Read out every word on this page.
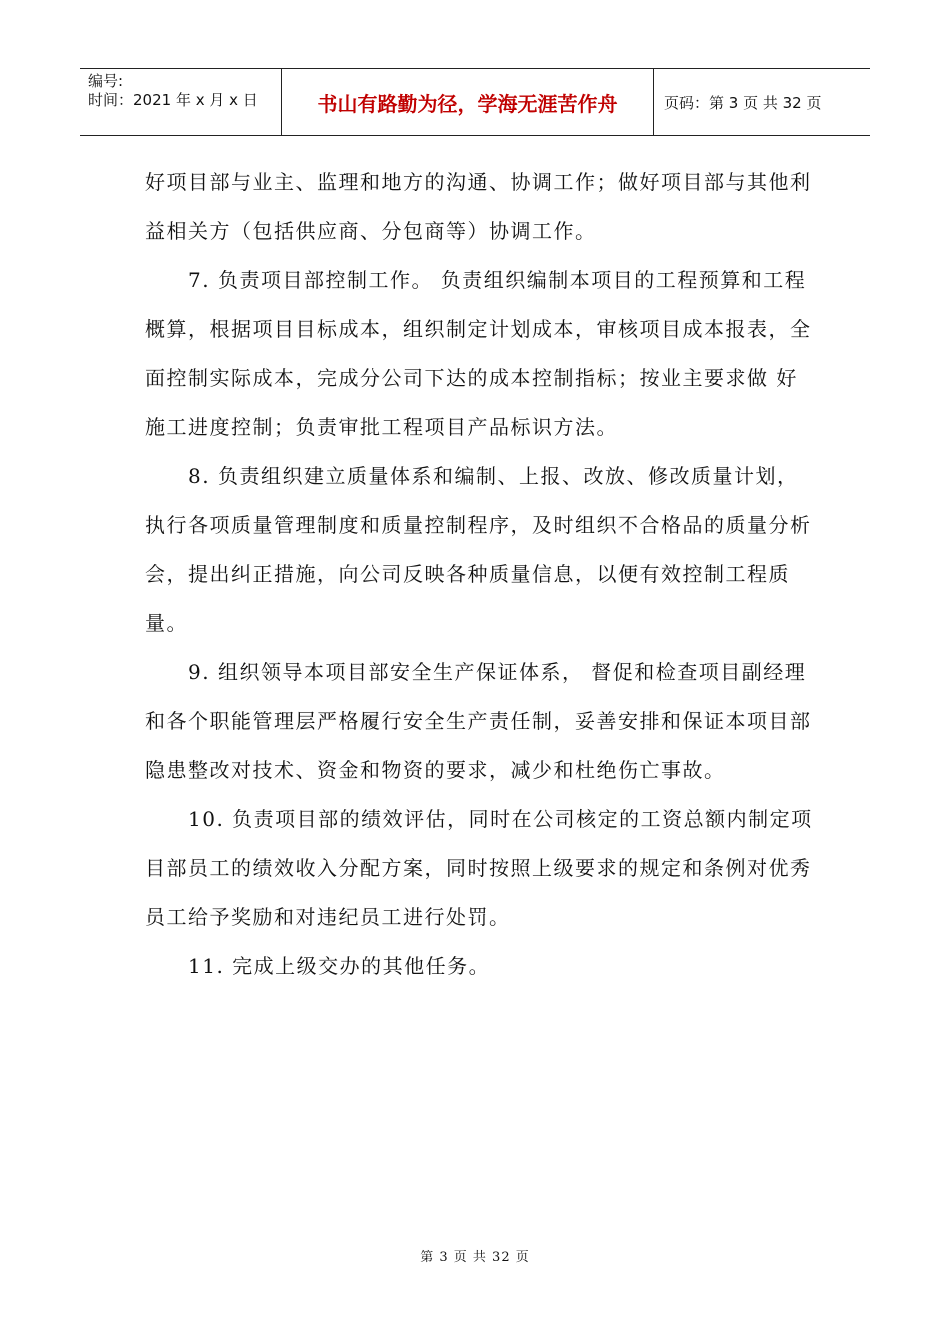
编号:
时间：2021 年 x 月 x 日	书山有路勤为径，学海无涯苦作舟	页码：第 3 页 共 32 页

好项目部与业主、监理和地方的沟通、协调工作；做好项目部与其他利益相关方（包括供应商、分包商等）协调工作。

　　7. 负责项目部控制工作。 负责组织编制本项目的工程预算和工程概算，根据项目目标成本，组织制定计划成本，审核项目成本报表，全面控制实际成本，完成分公司下达的成本控制指标；按业主要求做 好施工进度控制；负责审批工程项目产品标识方法。

　　8. 负责组织建立质量体系和编制、上报、改放、修改质量计划，执行各项质量管理制度和质量控制程序，及时组织不合格品的质量分析会，提出纠正措施，向公司反映各种质量信息，以便有效控制工程质量。

　　9. 组织领导本项目部安全生产保证体系， 督促和检查项目副经理和各个职能管理层严格履行安全生产责任制，妥善安排和保证本项目部隐患整改对技术、资金和物资的要求，减少和杜绝伤亡事故。

　　10. 负责项目部的绩效评估，同时在公司核定的工资总额内制定项目部员工的绩效收入分配方案，同时按照上级要求的规定和条例对优秀员工给予奖励和对违纪员工进行处罚。

　　11. 完成上级交办的其他任务。

第 3 页 共 32 页
